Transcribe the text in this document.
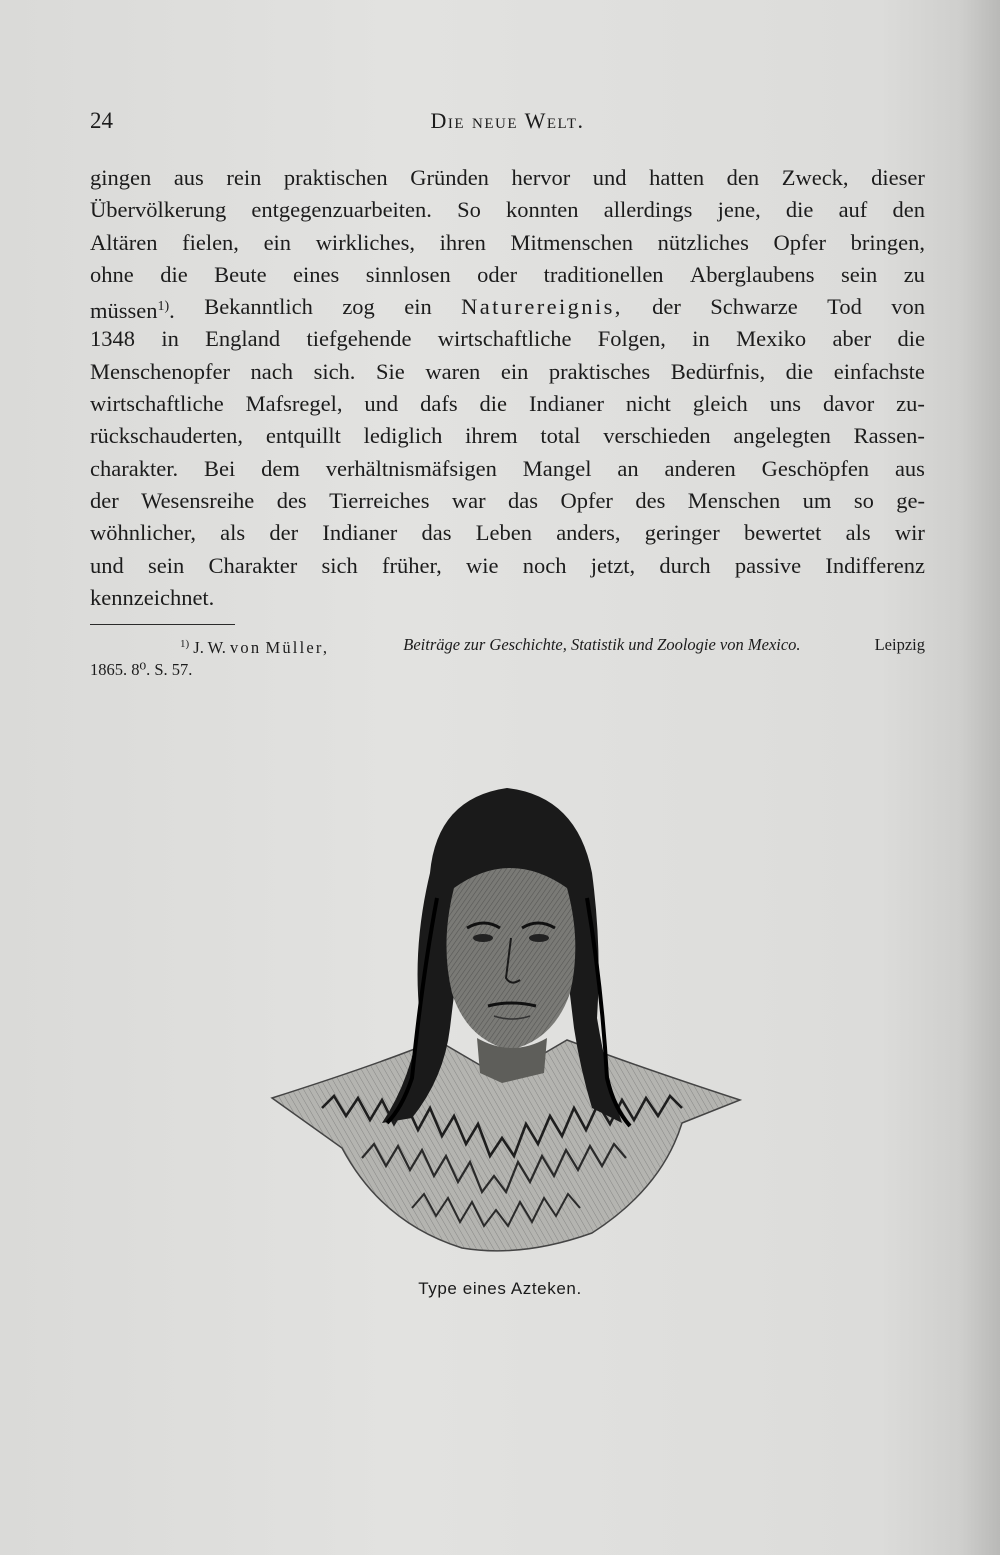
24	Die neue Welt.
gingen aus rein praktischen Gründen hervor und hatten den Zweck, dieser
Übervölkerung entgegenzuarbeiten. So konnten allerdings jene, die auf den
Altären fielen, ein wirkliches, ihren Mitmenschen nützliches Opfer bringen,
ohne die Beute eines sinnlosen oder traditionellen Aberglaubens sein zu
müssen$^{1)}$. Bekanntlich zog ein Naturereignis, der Schwarze Tod von
1348 in England tiefgehende wirtschaftliche Folgen, in Mexiko aber die
Menschenopfer nach sich. Sie waren ein praktisches Bedürfnis, die einfachste
wirtschaftliche Mafsregel, und dafs die Indianer nicht gleich uns davor zu-
rückschauderten, entquillt lediglich ihrem total verschieden angelegten Rassen-
charakter. Bei dem verhältnismäfsigen Mangel an anderen Geschöpfen aus
der Wesensreihe des Tierreiches war das Opfer des Menschen um so ge-
wöhnlicher, als der Indianer das Leben anders, geringer bewertet als wir
und sein Charakter sich früher, wie noch jetzt, durch passive Indifferenz
kennzeichnet.
$^{1)}$ J. W. von Müller,	Beiträge zur Geschichte, Statistik und Zoologie von Mexico.	Leipzig
1865. 8⁰. S. 57.
Type eines Azteken.
